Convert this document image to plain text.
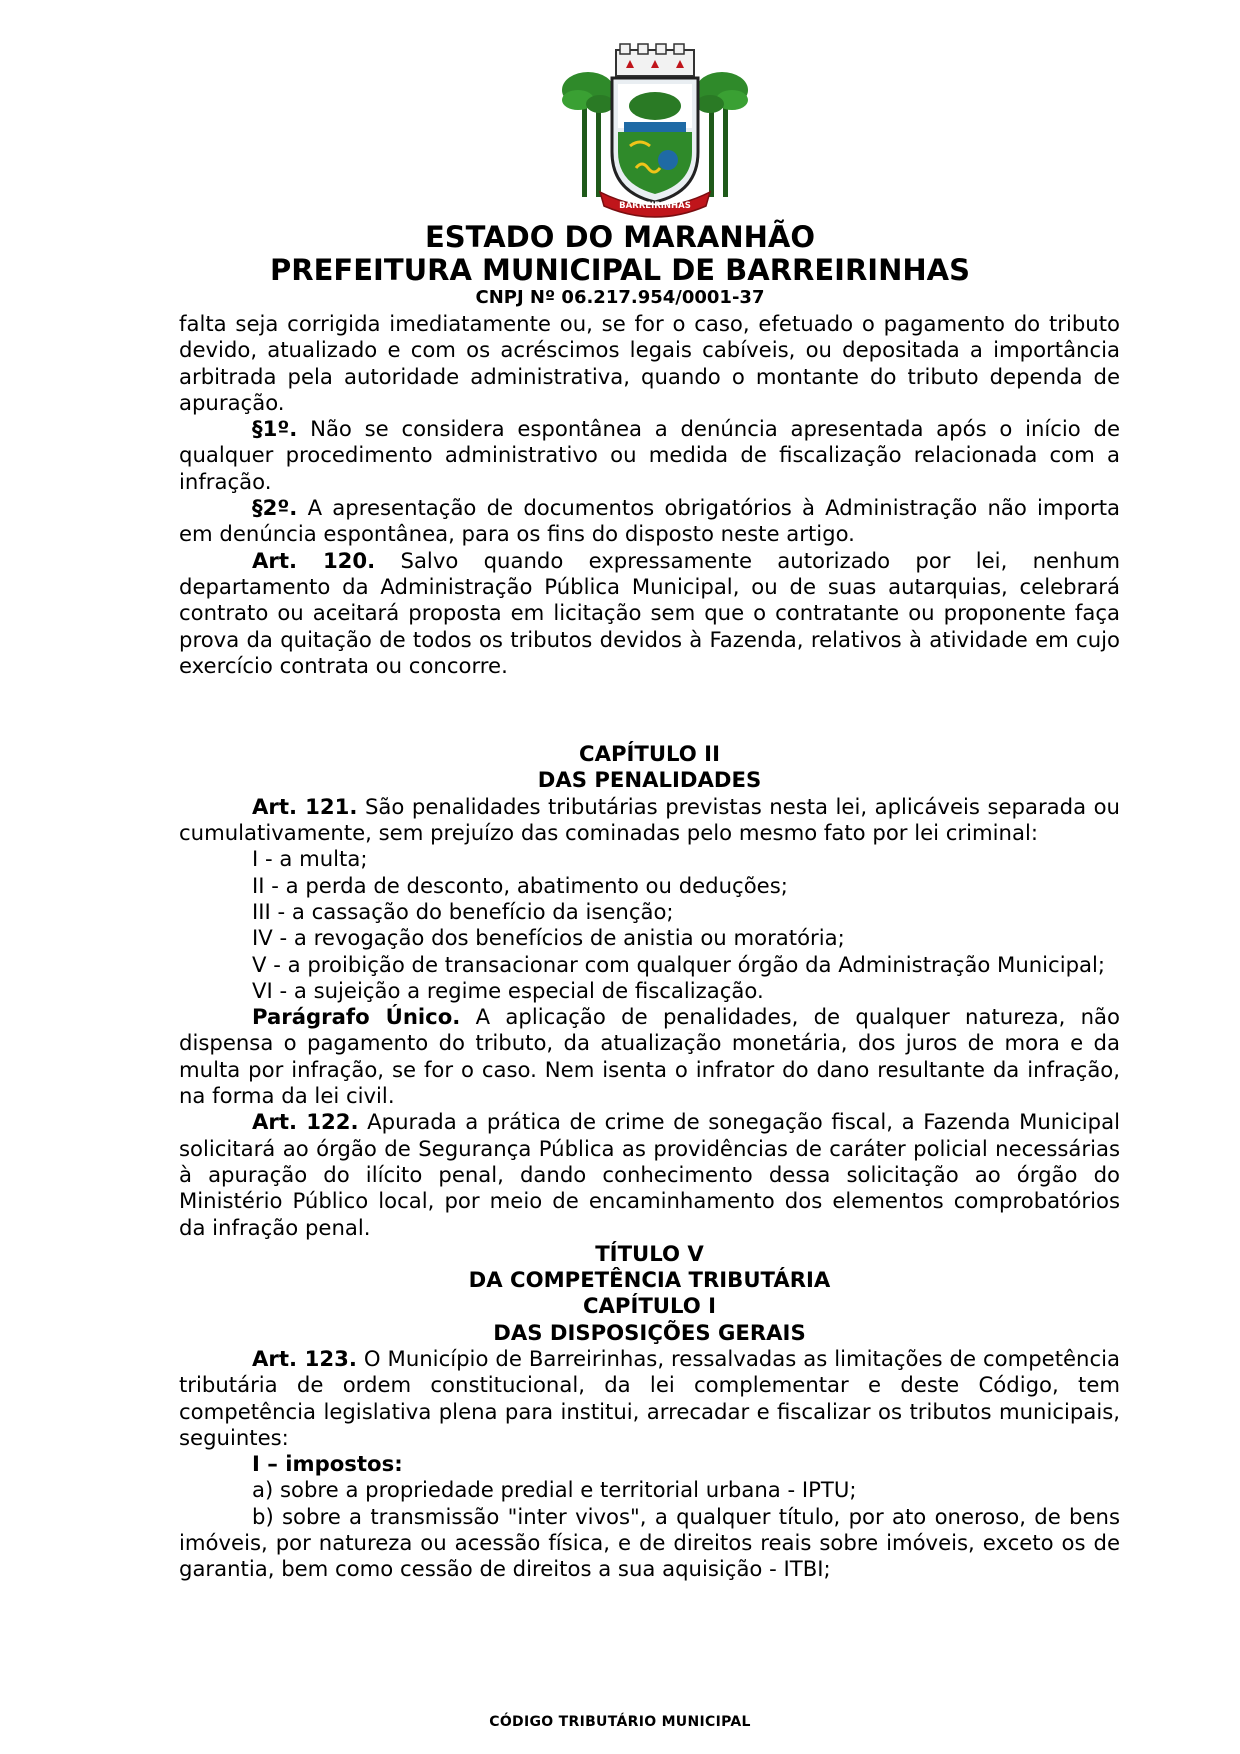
BARREIRINHAS
ESTADO DO MARANHÃO
PREFEITURA MUNICIPAL DE BARREIRINHAS
CNPJ Nº 06.217.954/0001-37

falta seja corrigida imediatamente ou, se for o caso, efetuado o pagamento do tributo devido, atualizado e com os acréscimos legais cabíveis, ou depositada a importância arbitrada pela autoridade administrativa, quando o montante do tributo dependa de apuração.

§1º. Não se considera espontânea a denúncia apresentada após o início de qualquer procedimento administrativo ou medida de fiscalização relacionada com a infração.

§2º. A apresentação de documentos obrigatórios à Administração não importa em denúncia espontânea, para os fins do disposto neste artigo.

Art. 120. Salvo quando expressamente autorizado por lei, nenhum departamento da Administração Pública Municipal, ou de suas autarquias, celebrará contrato ou aceitará proposta em licitação sem que o contratante ou proponente faça prova da quitação de todos os tributos devidos à Fazenda, relativos à atividade em cujo exercício contrata ou concorre.

CAPÍTULO II

DAS PENALIDADES

Art. 121. São penalidades tributárias previstas nesta lei, aplicáveis separada ou cumulativamente, sem prejuízo das cominadas pelo mesmo fato por lei criminal:

I - a multa;

II - a perda de desconto, abatimento ou deduções;

III - a cassação do benefício da isenção;

IV - a revogação dos benefícios de anistia ou moratória;

V - a proibição de transacionar com qualquer órgão da Administração Municipal;

VI - a sujeição a regime especial de fiscalização.

Parágrafo Único. A aplicação de penalidades, de qualquer natureza, não dispensa o pagamento do tributo, da atualização monetária, dos juros de mora e da multa por infração, se for o caso. Nem isenta o infrator do dano resultante da infração, na forma da lei civil.

Art. 122. Apurada a prática de crime de sonegação fiscal, a Fazenda Municipal solicitará ao órgão de Segurança Pública as providências de caráter policial necessárias à apuração do ilícito penal, dando conhecimento dessa solicitação ao órgão do Ministério Público local, por meio de encaminhamento dos elementos comprobatórios da infração penal.

TÍTULO V

DA COMPETÊNCIA TRIBUTÁRIA

CAPÍTULO I

DAS DISPOSIÇÕES GERAIS

Art. 123. O Município de Barreirinhas, ressalvadas as limitações de competência tributária de ordem constitucional, da lei complementar e deste Código, tem competência legislativa plena para institui, arrecadar e fiscalizar os tributos municipais, seguintes:

I – impostos:

a) sobre a propriedade predial e territorial urbana - IPTU;

b) sobre a transmissão "inter vivos", a qualquer título, por ato oneroso, de bens imóveis, por natureza ou acessão física, e de direitos reais sobre imóveis, exceto os de garantia, bem como cessão de direitos a sua aquisição - ITBI;

CÓDIGO TRIBUTÁRIO MUNICIPAL
